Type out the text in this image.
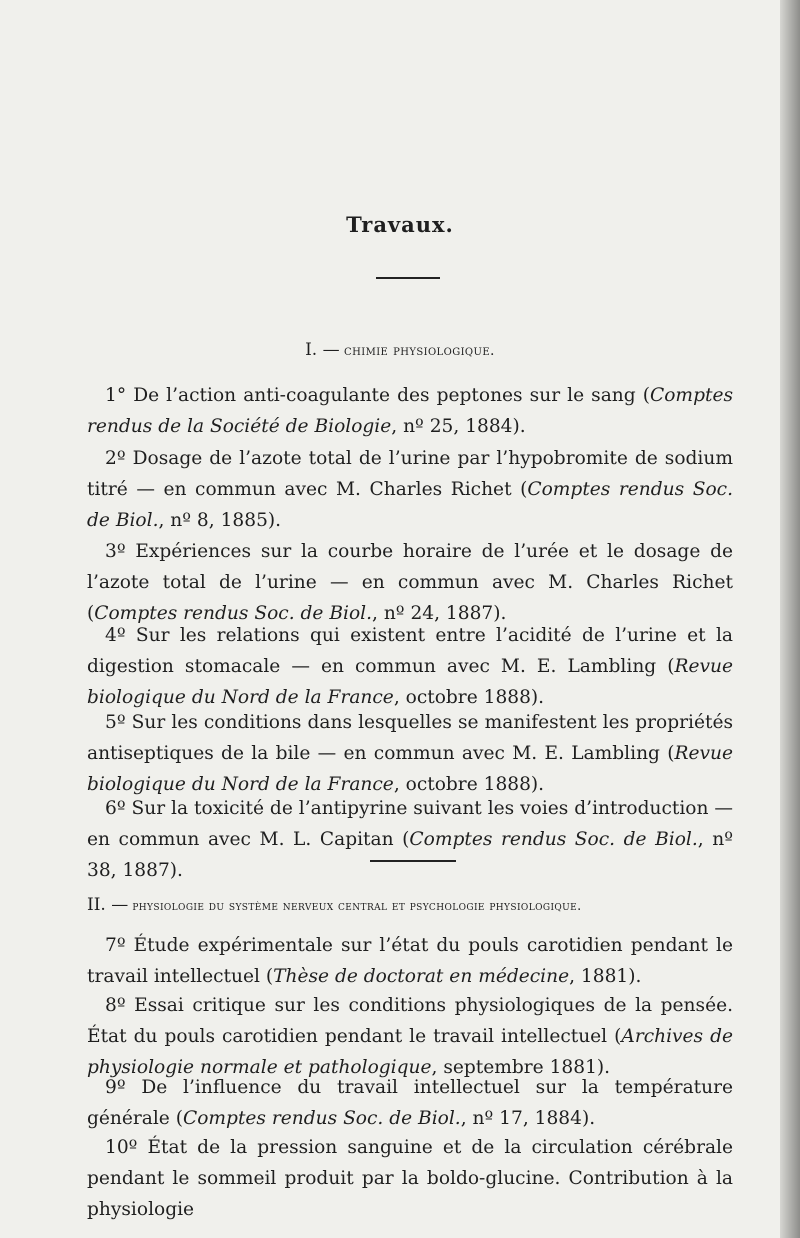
Travaux.
I. — chimie physiologique.
1° De l’action anti-coagulante des peptones sur le sang (Comptes rendus de la Société de Biologie, nº 25, 1884).
2º Dosage de l’azote total de l’urine par l’hypobromite de sodium titré — en commun avec M. Charles Richet (Comptes rendus Soc. de Biol., nº 8, 1885).
3º Expériences sur la courbe horaire de l’urée et le dosage de l’azote total de l’urine — en commun avec M. Charles Richet (Comptes rendus Soc. de Biol., nº 24, 1887).
4º Sur les relations qui existent entre l’acidité de l’urine et la digestion stomacale — en commun avec M. E. Lambling (Revue biologique du Nord de la France, octobre 1888).
5º Sur les conditions dans lesquelles se manifestent les propriétés antiseptiques de la bile — en commun avec M. E. Lambling (Revue biologique du Nord de la France, octobre 1888).
6º Sur la toxicité de l’antipyrine suivant les voies d’introduction — en commun avec M. L. Capitan (Comptes rendus Soc. de Biol., nº 38, 1887).
II. — physiologie du système nerveux central et psychologie physiologique.
7º Étude expérimentale sur l’état du pouls carotidien pendant le travail intellectuel (Thèse de doctorat en médecine, 1881).
8º Essai critique sur les conditions physiologiques de la pensée. État du pouls carotidien pendant le travail intellectuel (Archives de physiologie normale et pathologique, septembre 1881).
9º De l’influence du travail intellectuel sur la température générale (Comptes rendus Soc. de Biol., nº 17, 1884).
10º État de la pression sanguine et de la circulation cérébrale pendant le sommeil produit par la boldo-glucine. Contribution à la physiologie
